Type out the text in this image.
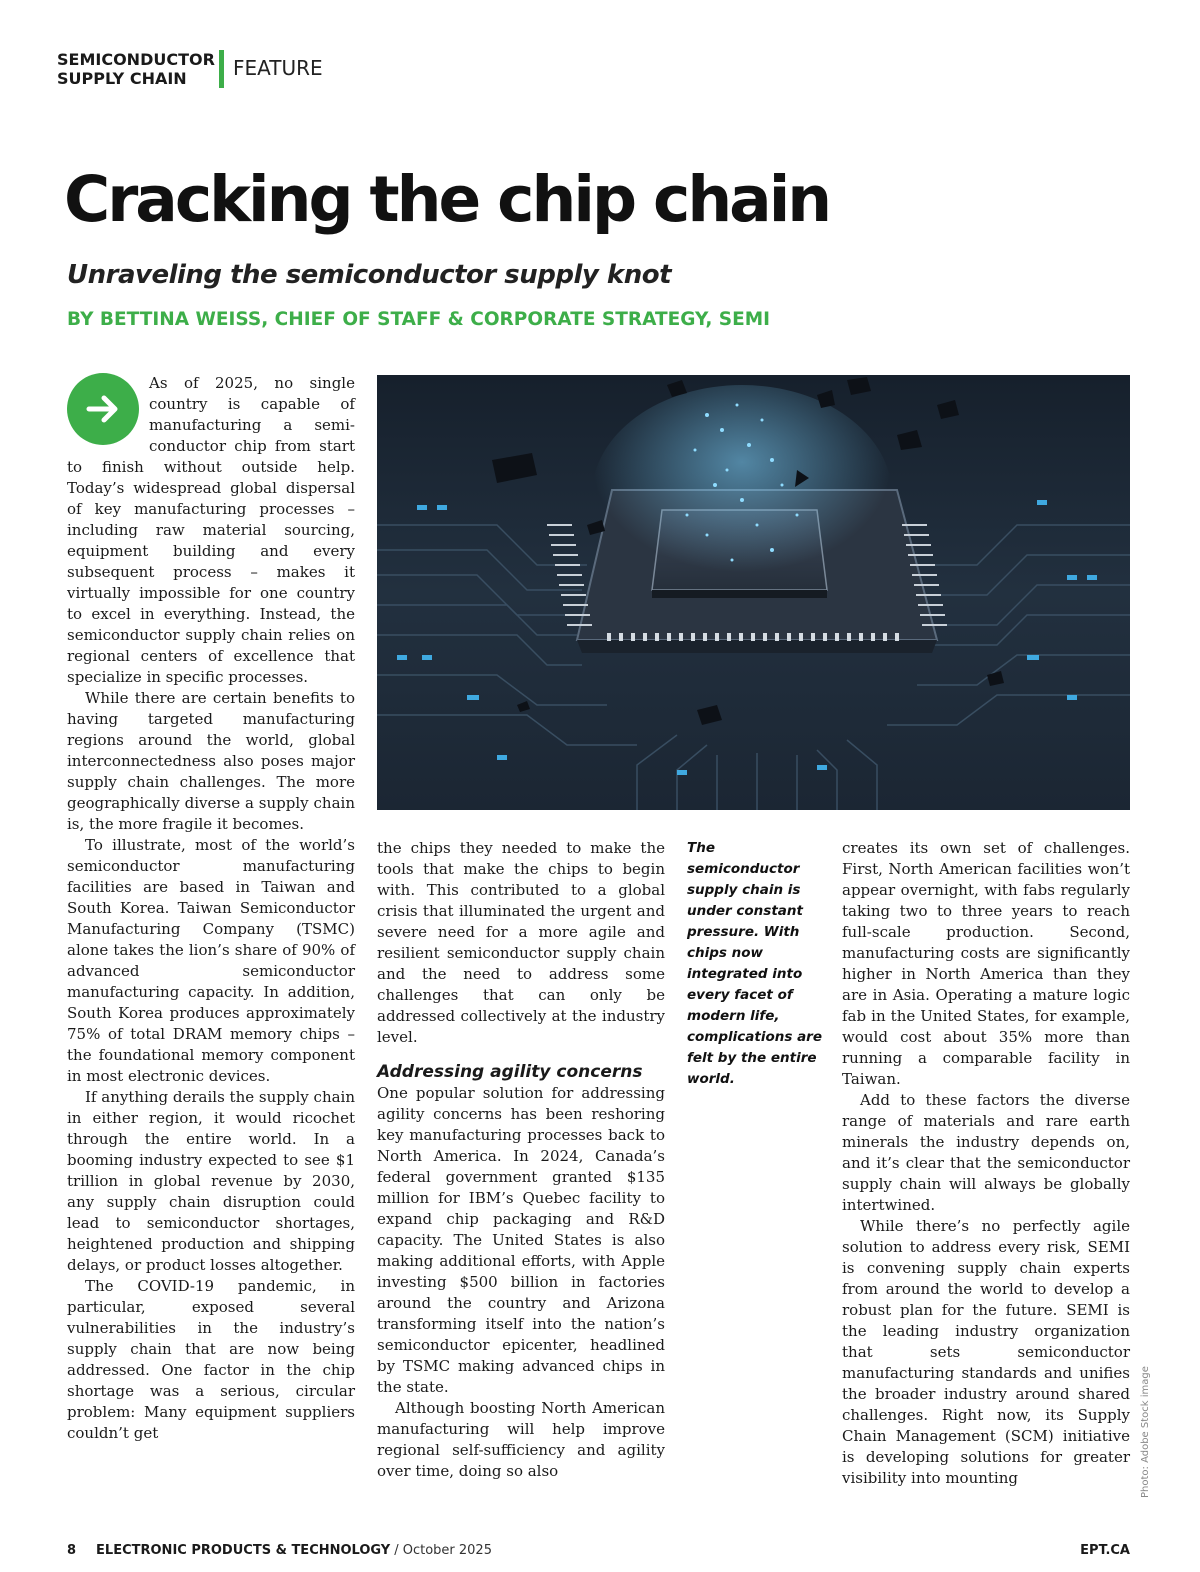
SEMICONDUCTOR
SUPPLY CHAIN	FEATURE
Cracking the chip chain
Unraveling the semiconductor supply knot
BY BETTINA WEISS, CHIEF OF STAFF & CORPORATE STRATEGY, SEMI

As of 2025, no single country is capable of manufacturing a semi-conductor chip from start to finish without outside help. Today’s widespread global dispersal of key manufacturing processes – including raw material sourcing, equipment building and every subsequent process – makes it virtually impossible for one country to excel in everything. Instead, the semiconductor supply chain relies on regional centers of excellence that specialize in specific processes.

While there are certain benefits to having targeted manufacturing regions around the world, global interconnectedness also poses major supply chain challenges. The more geographically diverse a supply chain is, the more fragile it becomes.

To illustrate, most of the world’s semiconductor manufacturing facilities are based in Taiwan and South Korea. Taiwan Semiconductor Manufacturing Company (TSMC) alone takes the lion’s share of 90% of advanced semiconductor manufacturing capacity. In addition, South Korea produces approximately 75% of total DRAM memory chips – the foundational memory component in most electronic devices.

If anything derails the supply chain in either region, it would ricochet through the entire world. In a booming industry expected to see $1 trillion in global revenue by 2030, any supply chain disruption could lead to semiconductor shortages, heightened production and shipping delays, or product losses altogether.

The COVID-19 pandemic, in particular, exposed several vulnerabilities in the industry’s supply chain that are now being addressed. One factor in the chip shortage was a serious, circular problem: Many equipment suppliers couldn’t get

the chips they needed to make the tools that make the chips to begin with. This contributed to a global crisis that illuminated the urgent and severe need for a more agile and resilient semiconductor supply chain and the need to address some challenges that can only be addressed collectively at the industry level.

Addressing agility concerns

One popular solution for addressing agility concerns has been reshoring key manufacturing processes back to North America. In 2024, Canada’s federal government granted $135 million for IBM’s Quebec facility to expand chip packaging and R&D capacity. The United States is also making additional efforts, with Apple investing $500 billion in factories around the country and Arizona transforming itself into the nation’s semiconductor epicenter, headlined by TSMC making advanced chips in the state.

Although boosting North American manufacturing will help improve regional self-sufficiency and agility over time, doing so also

The semiconductor supply chain is under constant pressure. With chips now integrated into every facet of modern life, complications are felt by the entire world.

creates its own set of challenges. First, North American facilities won’t appear overnight, with fabs regularly taking two to three years to reach full-scale production. Second, manufacturing costs are significantly higher in North America than they are in Asia. Operating a mature logic fab in the United States, for example, would cost about 35% more than running a comparable facility in Taiwan.

Add to these factors the diverse range of materials and rare earth minerals the industry depends on, and it’s clear that the semiconductor supply chain will always be globally intertwined.

While there’s no perfectly agile solution to address every risk, SEMI is convening supply chain experts from around the world to develop a robust plan for the future. SEMI is the leading industry organization that sets semiconductor manufacturing standards and unifies the broader industry around shared challenges. Right now, its Supply Chain Management (SCM) initiative is developing solutions for greater visibility into mounting	Photo: Adobe Stock image
8 ELECTRONIC PRODUCTS & TECHNOLOGY / October 2025	EPT.CA
